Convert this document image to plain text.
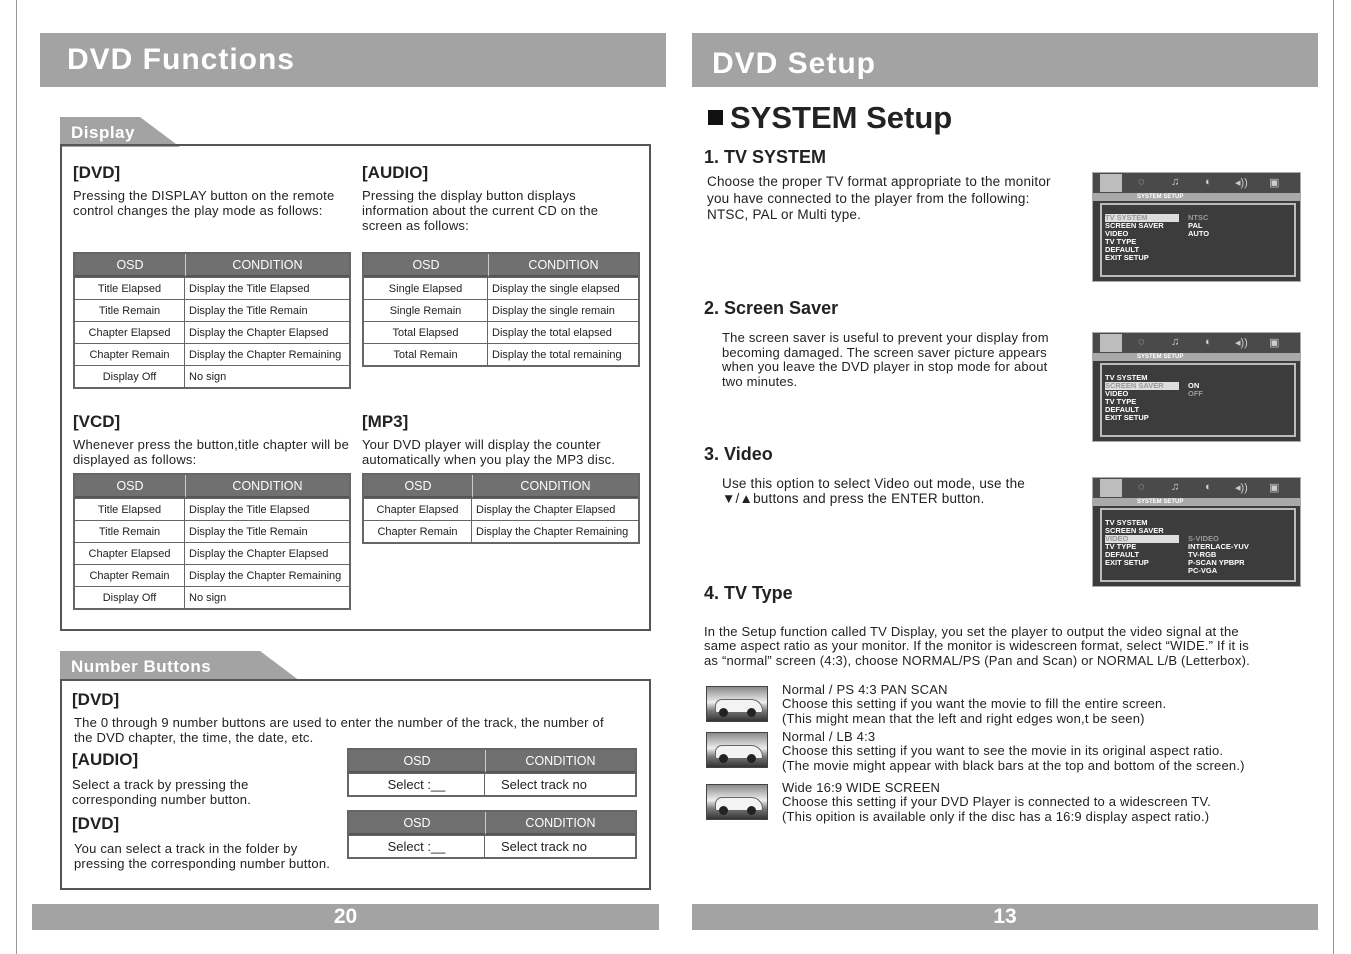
DVD Functions
Display
[DVD]
Pressing the DISPLAY button on the remote control changes the play mode as follows:
OSD	CONDITION
Title Elapsed	Display the Title Elapsed
Title Remain	Display the Title Remain
Chapter Elapsed	Display the Chapter Elapsed
Chapter Remain	Display the Chapter Remaining
Display Off	No sign
[AUDIO]
Pressing the display button displays information about the current CD on the screen as follows:
OSD	CONDITION
Single Elapsed	Display the single elapsed
Single Remain	Display the single remain
Total Elapsed	Display the total elapsed
Total Remain	Display the total remaining
[VCD]
Whenever press the button,title chapter will be displayed as follows:
OSD	CONDITION
Title Elapsed	Display the Title Elapsed
Title Remain	Display the Title Remain
Chapter Elapsed	Display the Chapter Elapsed
Chapter Remain	Display the Chapter Remaining
Display Off	No sign
[MP3]
Your DVD player will display the counter automatically when you play the MP3 disc.
OSD	CONDITION
Chapter Elapsed	Display the Chapter Elapsed
Chapter Remain	Display the Chapter Remaining
Number Buttons
[DVD]
The 0 through 9 number buttons are used to enter the number of the track, the number of the DVD chapter, the time, the date, etc.
[AUDIO]
Select a track by pressing the corresponding number button.
OSD	CONDITION
Select :__	Select track no
[DVD]
You can select a track in the folder by pressing the corresponding number button.
OSD	CONDITION
Select :__	Select track no
20
DVD Setup
SYSTEM Setup
1. TV SYSTEM
Choose the proper TV format appropriate to the monitor you have connected to the player from the following: NTSC, PAL or Multi type.
2. Screen Saver
The screen saver is useful to prevent your display from becoming damaged. The screen saver picture appears when you leave the DVD player in stop mode for about two minutes.
3. Video
Use this option to select Video out mode, use the
▼/▲buttons and press the ENTER button.
◌ ♫ ◐ ◂)) ▣
SYSTEM SETUP
TV SYSTEM
SCREEN SAVER
VIDEO
TV TYPE
DEFAULT
EXIT SETUP
NTSC
PAL
AUTO
◌ ♫ ◐ ◂)) ▣
SYSTEM SETUP
TV SYSTEM
SCREEN SAVER
VIDEO
TV TYPE
DEFAULT
EXIT SETUP
ON
OFF
◌ ♫ ◐ ◂)) ▣
SYSTEM SETUP
TV SYSTEM
SCREEN SAVER
VIDEO
TV TYPE
DEFAULT
EXIT SETUP
S-VIDEO
INTERLACE-YUV
TV-RGB
P-SCAN YPBPR
PC-VGA
4. TV Type
In the Setup function called TV Display, you set the player to output the video signal at the same aspect ratio as your monitor. If the monitor is widescreen format, select “WIDE.” If it is as “normal” screen (4:3), choose NORMAL/PS (Pan and Scan) or NORMAL L/B (Letterbox).
Normal / PS 4:3 PAN SCAN
Choose this setting if you want the movie to fill the entire screen.
(This might mean that the left and right edges won,t be seen)
Normal / LB 4:3
Choose this setting if you want to see the movie in its original aspect ratio.
(The movie might appear with black bars at the top and bottom of the screen.)
Wide 16:9 WIDE SCREEN
Choose this setting if your DVD Player is connected to a widescreen TV.
(This opition is available only if the disc has a 16:9 display aspect ratio.)
13
